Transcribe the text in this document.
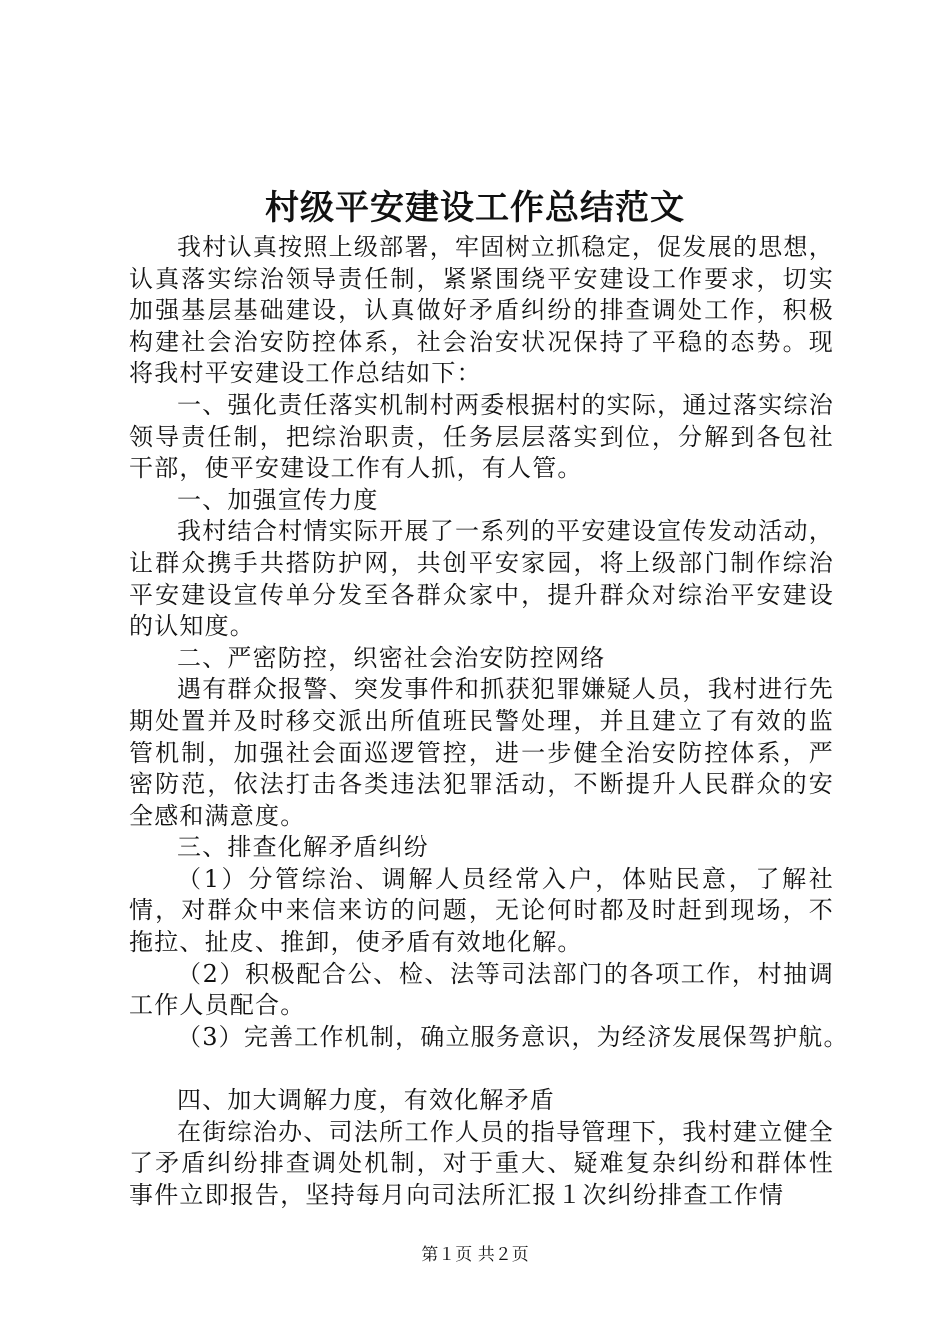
村级平安建设工作总结范文

我村认真按照上级部署，牢固树立抓稳定，促发展的思想，认真落实综治领导责任制，紧紧围绕平安建设工作要求，切实加强基层基础建设，认真做好矛盾纠纷的排查调处工作，积极构建社会治安防控体系，社会治安状况保持了平稳的态势。现将我村平安建设工作总结如下：

一、强化责任落实机制村两委根据村的实际，通过落实综治领导责任制，把综治职责，任务层层落实到位，分解到各包社干部，使平安建设工作有人抓，有人管。

一、加强宣传力度

我村结合村情实际开展了一系列的平安建设宣传发动活动，让群众携手共搭防护网，共创平安家园，将上级部门制作综治平安建设宣传单分发至各群众家中，提升群众对综治平安建设的认知度。

二、严密防控，织密社会治安防控网络

遇有群众报警、突发事件和抓获犯罪嫌疑人员，我村进行先期处置并及时移交派出所值班民警处理，并且建立了有效的监管机制，加强社会面巡逻管控，进一步健全治安防控体系，严密防范，依法打击各类违法犯罪活动，不断提升人民群众的安全感和满意度。

三、排查化解矛盾纠纷

（1）分管综治、调解人员经常入户，体贴民意，了解社情，对群众中来信来访的问题，无论何时都及时赶到现场，不拖拉、扯皮、推卸，使矛盾有效地化解。

（2）积极配合公、检、法等司法部门的各项工作，村抽调工作人员配合。

（3）完善工作机制，确立服务意识，为经济发展保驾护航。

四、加大调解力度，有效化解矛盾

在街综治办、司法所工作人员的指导管理下，我村建立健全了矛盾纠纷排查调处机制，对于重大、疑难复杂纠纷和群体性事件立即报告，坚持每月向司法所汇报１次纠纷排查工作情

第１页 共２页
